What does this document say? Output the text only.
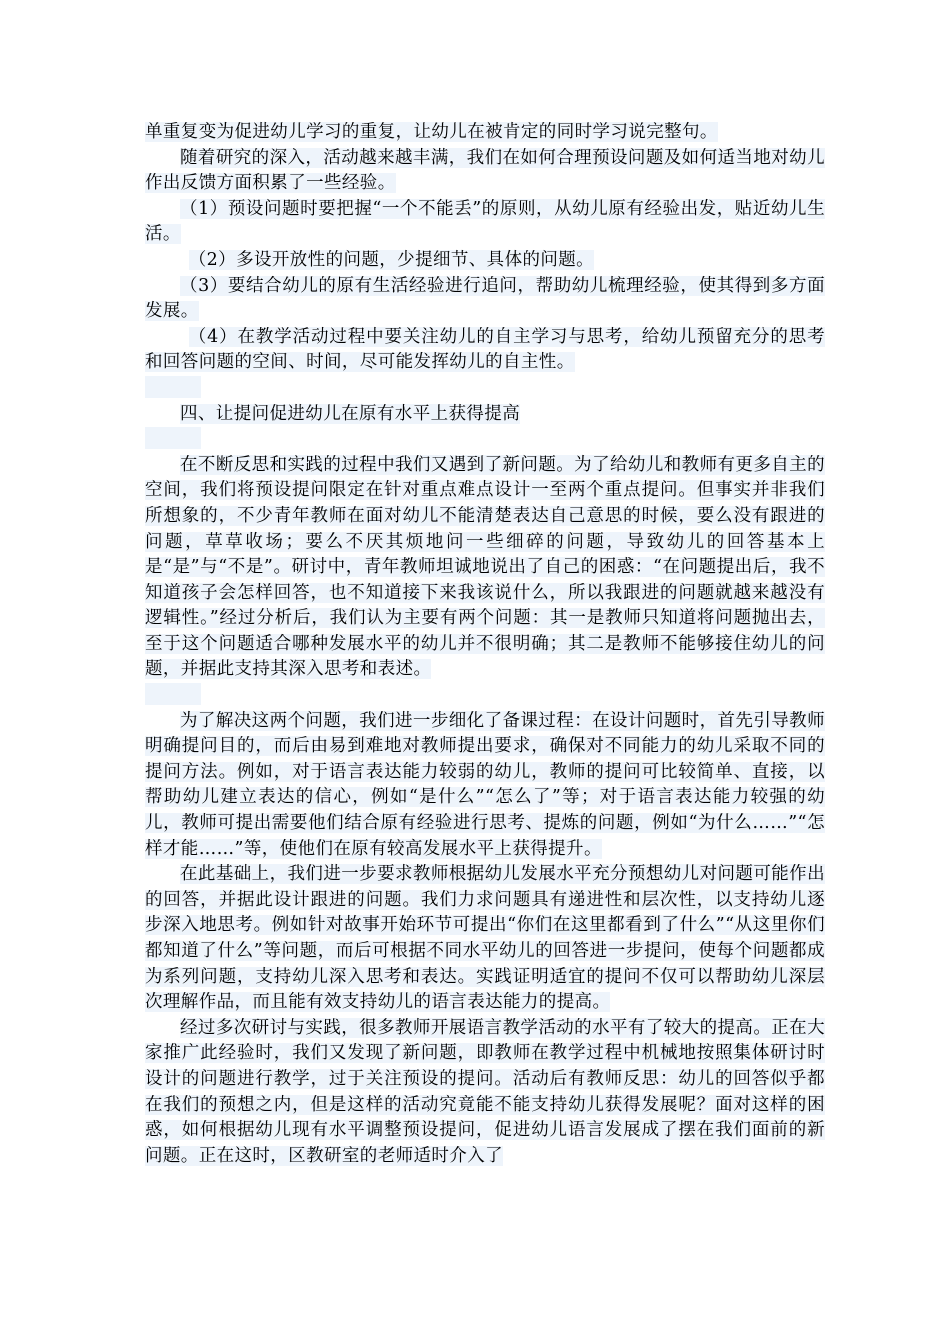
单重复变为促进幼儿学习的重复，让幼儿在被肯定的同时学习说完整句。

随着研究的深入，活动越来越丰满，我们在如何合理预设问题及如何适当地对幼儿作出反馈方面积累了一些经验。

（1）预设问题时要把握“一个不能丢”的原则，从幼儿原有经验出发，贴近幼儿生活。

（2）多设开放性的问题，少提细节、具体的问题。

（3）要结合幼儿的原有生活经验进行追问，帮助幼儿梳理经验，使其得到多方面发展。

（4）在教学活动过程中要关注幼儿的自主学习与思考，给幼儿预留充分的思考和回答问题的空间、时间，尽可能发挥幼儿的自主性。

四、让提问促进幼儿在原有水平上获得提高

在不断反思和实践的过程中我们又遇到了新问题。为了给幼儿和教师有更多自主的空间，我们将预设提问限定在针对重点难点设计一至两个重点提问。但事实并非我们所想象的，不少青年教师在面对幼儿不能清楚表达自己意思的时候，要么没有跟进的问题，草草收场；要么不厌其烦地问一些细碎的问题，导致幼儿的回答基本上是“是”与“不是”。研讨中，青年教师坦诚地说出了自己的困惑：“在问题提出后，我不知道孩子会怎样回答，也不知道接下来我该说什么，所以我跟进的问题就越来越没有逻辑性。”经过分析后，我们认为主要有两个问题：其一是教师只知道将问题抛出去，至于这个问题适合哪种发展水平的幼儿并不很明确；其二是教师不能够接住幼儿的问题，并据此支持其深入思考和表述。

为了解决这两个问题，我们进一步细化了备课过程：在设计问题时，首先引导教师明确提问目的，而后由易到难地对教师提出要求，确保对不同能力的幼儿采取不同的提问方法。例如，对于语言表达能力较弱的幼儿，教师的提问可比较简单、直接，以帮助幼儿建立表达的信心，例如“是什么”“怎么了”等；对于语言表达能力较强的幼儿，教师可提出需要他们结合原有经验进行思考、提炼的问题，例如“为什么……”“怎样才能……”等，使他们在原有较高发展水平上获得提升。

在此基础上，我们进一步要求教师根据幼儿发展水平充分预想幼儿对问题可能作出的回答，并据此设计跟进的问题。我们力求问题具有递进性和层次性，以支持幼儿逐步深入地思考。例如针对故事开始环节可提出“你们在这里都看到了什么”“从这里你们都知道了什么”等问题，而后可根据不同水平幼儿的回答进一步提问，使每个问题都成为系列问题，支持幼儿深入思考和表达。实践证明适宜的提问不仅可以帮助幼儿深层次理解作品，而且能有效支持幼儿的语言表达能力的提高。

经过多次研讨与实践，很多教师开展语言教学活动的水平有了较大的提高。正在大家推广此经验时，我们又发现了新问题，即教师在教学过程中机械地按照集体研讨时设计的问题进行教学，过于关注预设的提问。活动后有教师反思：幼儿的回答似乎都在我们的预想之内，但是这样的活动究竟能不能支持幼儿获得发展呢？面对这样的困惑，如何根据幼儿现有水平调整预设提问，促进幼儿语言发展成了摆在我们面前的新问题。正在这时，区教研室的老师适时介入了
